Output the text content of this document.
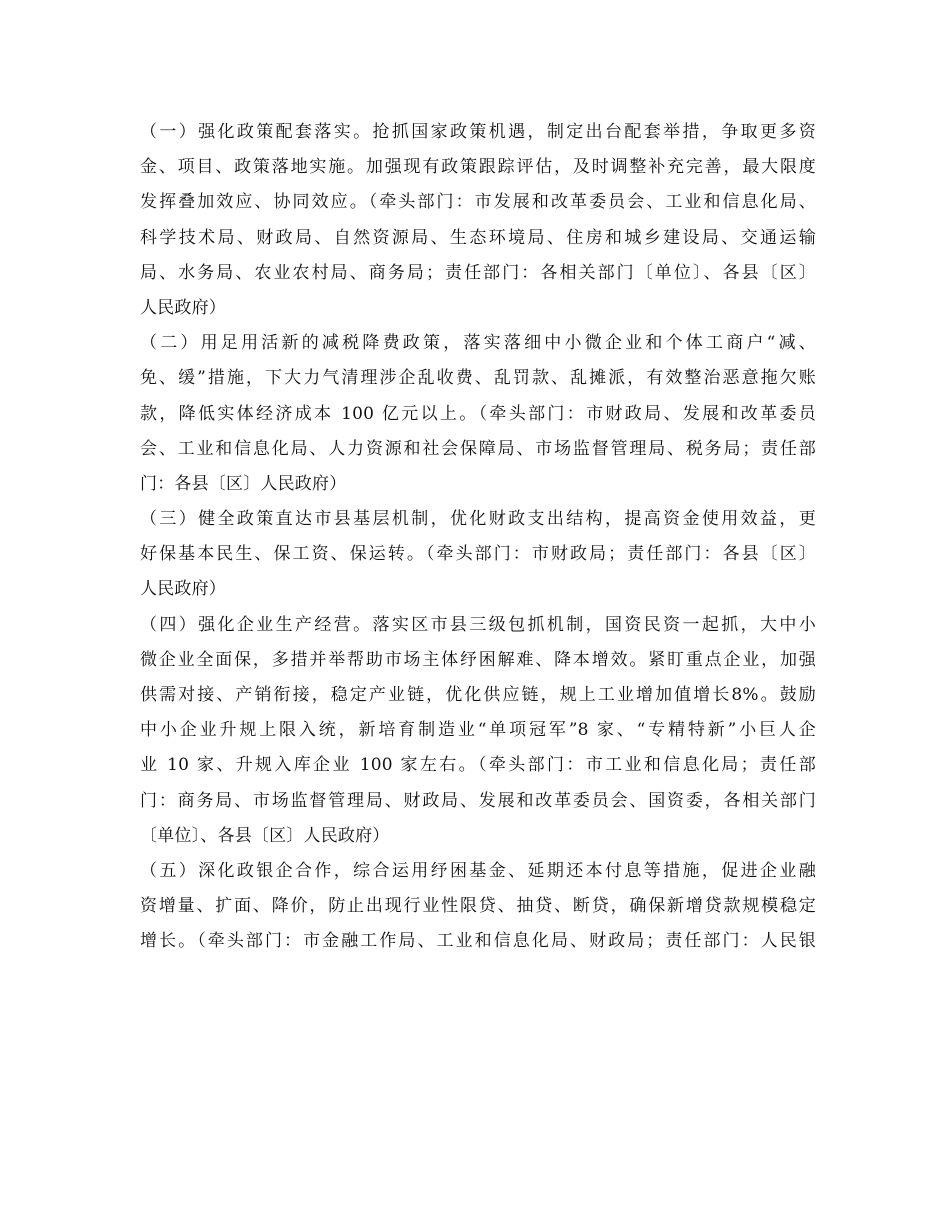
（一）强化政策配套落实。抢抓国家政策机遇，制定出台配套举措，争取更多资
金、项目、政策落地实施。加强现有政策跟踪评估，及时调整补充完善，最大限度
发挥叠加效应、协同效应。（牵头部门：市发展和改革委员会、工业和信息化局、
科学技术局、财政局、自然资源局、生态环境局、住房和城乡建设局、交通运输
局、水务局、农业农村局、商务局；责任部门：各相关部门〔单位〕、各县〔区〕
人民政府）
（二）用足用活新的减税降费政策，落实落细中小微企业和个体工商户“减、
免、缓”措施，下大力气清理涉企乱收费、乱罚款、乱摊派，有效整治恶意拖欠账
款，降低实体经济成本 100 亿元以上。（牵头部门：市财政局、发展和改革委员
会、工业和信息化局、人力资源和社会保障局、市场监督管理局、税务局；责任部
门：各县〔区〕人民政府）
（三）健全政策直达市县基层机制，优化财政支出结构，提高资金使用效益，更
好保基本民生、保工资、保运转。（牵头部门：市财政局；责任部门：各县〔区〕
人民政府）
（四）强化企业生产经营。落实区市县三级包抓机制，国资民资一起抓，大中小
微企业全面保，多措并举帮助市场主体纾困解难、降本增效。紧盯重点企业，加强
供需对接、产销衔接，稳定产业链，优化供应链，规上工业增加值增长8%。鼓励
中小企业升规上限入统，新培育制造业“单项冠军”8 家、“专精特新”小巨人企
业 10 家、升规入库企业 100 家左右。（牵头部门：市工业和信息化局；责任部
门：商务局、市场监督管理局、财政局、发展和改革委员会、国资委，各相关部门
〔单位〕、各县〔区〕人民政府）
（五）深化政银企合作，综合运用纾困基金、延期还本付息等措施，促进企业融
资增量、扩面、降价，防止出现行业性限贷、抽贷、断贷，确保新增贷款规模稳定
增长。（牵头部门：市金融工作局、工业和信息化局、财政局；责任部门：人民银
